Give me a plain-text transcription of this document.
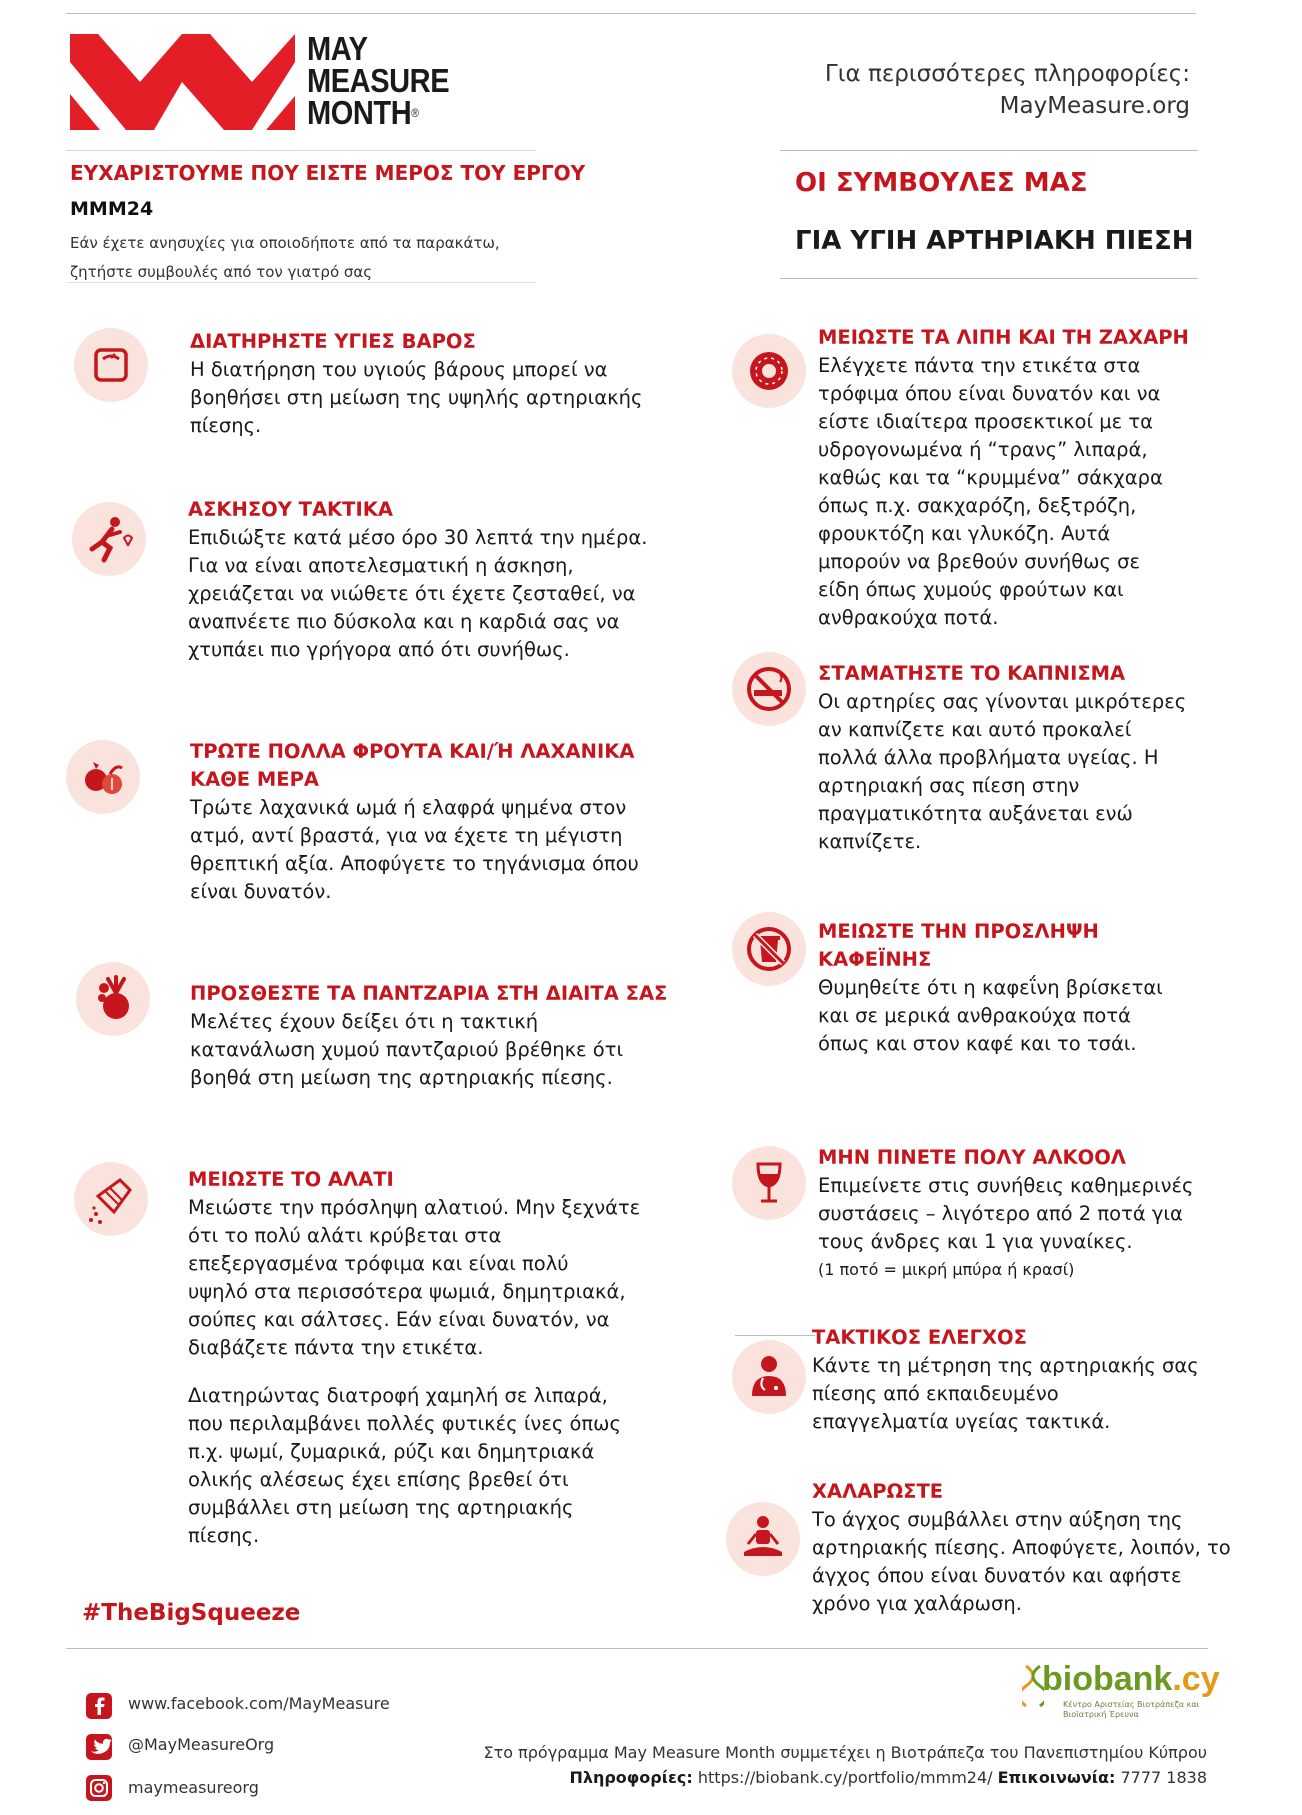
MAY
MEASURE
MONTH®
Για περισσότερες πληροφορίες:
MayMeasure.org
ΕΥΧΑΡΙΣΤΟΥΜΕ ΠΟΥ ΕΙΣΤΕ ΜΕΡΟΣ ΤΟΥ ΕΡΓΟΥ
MMM24
Εάν έχετε ανησυχίες για οποιοδήποτε από τα παρακάτω,
ζητήστε συμβουλές από τον γιατρό σας
ΟΙ ΣΥΜΒΟΥΛΕΣ ΜΑΣ
ΓΙΑ ΥΓΙΗ ΑΡΤΗΡΙΑΚΗ ΠΙΕΣΗ
ΔΙΑΤΗΡΗΣΤΕ ΥΓΙΕΣ ΒΑΡΟΣ
Η διατήρηση του υγιούς βάρους μπορεί να
βοηθήσει στη μείωση της υψηλής αρτηριακής
πίεσης.
ΑΣΚΗΣΟΥ ΤΑΚΤΙΚΑ
Επιδιώξτε κατά μέσο όρο 30 λεπτά την ημέρα.
Για να είναι αποτελεσματική η άσκηση,
χρειάζεται να νιώθετε ότι έχετε ζεσταθεί, να
αναπνέετε πιο δύσκολα και η καρδιά σας να
χτυπάει πιο γρήγορα από ότι συνήθως.
ΤΡΩΤΕ ΠΟΛΛΑ ΦΡΟΥΤΑ ΚΑΙ/Ή ΛΑΧΑΝΙΚΑ
ΚΑΘΕ ΜΕΡΑ
Τρώτε λαχανικά ωμά ή ελαφρά ψημένα στον
ατμό, αντί βραστά, για να έχετε τη μέγιστη
θρεπτική αξία. Αποφύγετε το τηγάνισμα όπου
είναι δυνατόν.
ΠΡΟΣΘΕΣΤΕ ΤΑ ΠΑΝΤΖΑΡΙΑ ΣΤΗ ΔΙΑΙΤΑ ΣΑΣ
Μελέτες έχουν δείξει ότι η τακτική
κατανάλωση χυμού παντζαριού βρέθηκε ότι
βοηθά στη μείωση της αρτηριακής πίεσης.
ΜΕΙΩΣΤΕ ΤΟ ΑΛΑΤΙ
Μειώστε την πρόσληψη αλατιού. Μην ξεχνάτε
ότι το πολύ αλάτι κρύβεται στα
επεξεργασμένα τρόφιμα και είναι πολύ
υψηλό στα περισσότερα ψωμιά, δημητριακά,
σούπες και σάλτσες. Εάν είναι δυνατόν, να
διαβάζετε πάντα την ετικέτα.
Διατηρώντας διατροφή χαμηλή σε λιπαρά,
που περιλαμβάνει πολλές φυτικές ίνες όπως
π.χ. ψωμί, ζυμαρικά, ρύζι και δημητριακά
ολικής αλέσεως έχει επίσης βρεθεί ότι
συμβάλλει στη μείωση της αρτηριακής
πίεσης.
#TheBigSqueeze
ΜΕΙΩΣΤΕ ΤΑ ΛΙΠΗ ΚΑΙ ΤΗ ΖΑΧΑΡΗ
Ελέγχετε πάντα την ετικέτα στα
τρόφιμα όπου είναι δυνατόν και να
είστε ιδιαίτερα προσεκτικοί με τα
υδρογονωμένα ή “τρανς” λιπαρά,
καθώς και τα “κρυμμένα” σάκχαρα
όπως π.χ. σακχαρόζη, δεξτρόζη,
φρουκτόζη και γλυκόζη. Αυτά
μπορούν να βρεθούν συνήθως σε
είδη όπως χυμούς φρούτων και
ανθρακούχα ποτά.
ΣΤΑΜΑΤΗΣΤΕ ΤΟ ΚΑΠΝΙΣΜΑ
Οι αρτηρίες σας γίνονται μικρότερες
αν καπνίζετε και αυτό προκαλεί
πολλά άλλα προβλήματα υγείας. Η
αρτηριακή σας πίεση στην
πραγματικότητα αυξάνεται ενώ
καπνίζετε.
ΜΕΙΩΣΤΕ ΤΗΝ ΠΡΟΣΛΗΨΗ
ΚΑΦΕΪΝΗΣ
Θυμηθείτε ότι η καφεΐνη βρίσκεται
και σε μερικά ανθρακούχα ποτά
όπως και στον καφέ και το τσάι.
ΜΗΝ ΠΙΝΕΤΕ ΠΟΛΥ ΑΛΚΟΟΛ
Επιμείνετε στις συνήθεις καθημερινές
συστάσεις – λιγότερο από 2 ποτά για
τους άνδρες και 1 για γυναίκες.
(1 ποτό = μικρή μπύρα ή κρασί)
ΤΑΚΤΙΚΟΣ ΕΛΕΓΧΟΣ
Κάντε τη μέτρηση της αρτηριακής σας
πίεσης από εκπαιδευμένο
επαγγελματία υγείας τακτικά.
ΧΑΛΑΡΩΣΤΕ
Το άγχος συμβάλλει στην αύξηση της
αρτηριακής πίεσης. Αποφύγετε, λοιπόν, το
άγχος όπου είναι δυνατόν και αφήστε
χρόνο για χαλάρωση.
www.facebook.com/MayMeasure
@MayMeasureOrg
maymeasureorg
biobank.cy
Κέντρο Αριστείας Βιοτράπεζα και Βιοϊατρική Έρευνα
Στο πρόγραμμα May Measure Month συμμετέχει η Βιοτράπεζα του Πανεπιστημίου Κύπρου
Πληροφορίες: https://biobank.cy/portfolio/mmm24/ Επικοινωνία: 7777 1838
